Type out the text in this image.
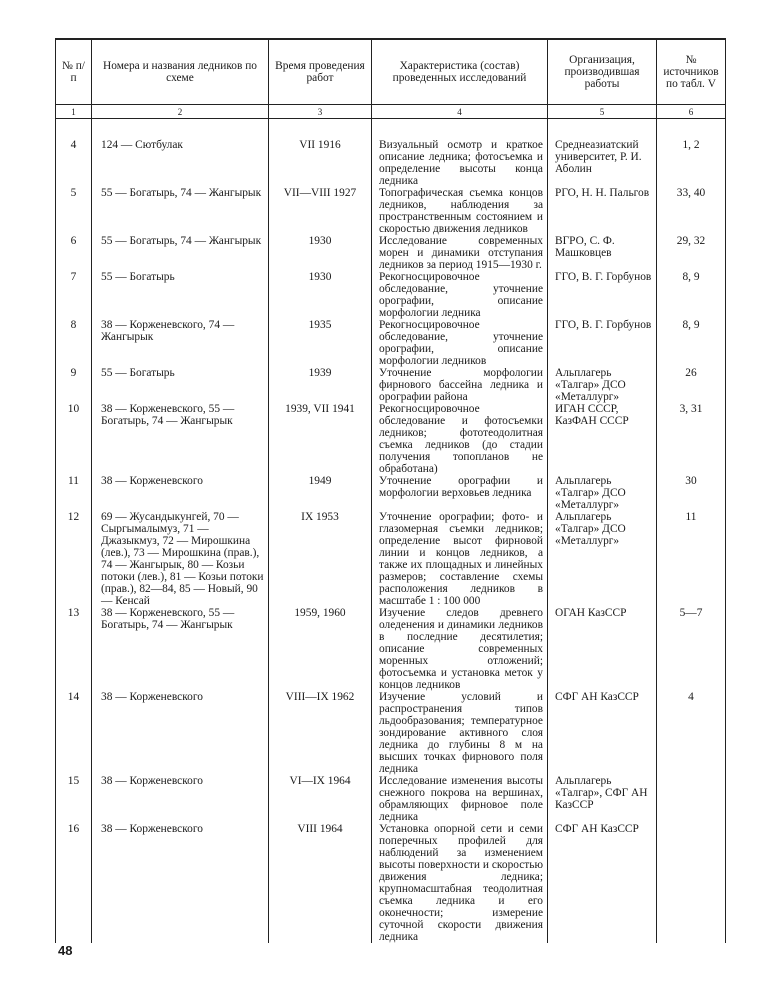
№ п/п	Номера и названия ледников по схеме	Время проведения работ	Характеристика (состав) проведенных исследований	Организация, производившая работы	№ источников по табл. V
1	2	3	4	5	6
4	124 — Сютбулак	VII 1916	Визуальный осмотр и краткое описание ледника; фотосъемка и определение высоты конца ледника	Среднеазиатский университет, Р. И. Аболин	1, 2
5	55 — Богатырь, 74 — Жангырык	VII—VIII 1927	Топографическая съемка концов ледников, наблюдения за пространственным состоянием и скоростью движения ледников	РГО, Н. Н. Пальгов	33, 40
6	55 — Богатырь, 74 — Жангырык	1930	Исследование современных морен и динамики отступания ледников за период 1915—1930 г.	ВГРО, С. Ф. Машковцев	29, 32
7	55 — Богатырь	1930	Рекогносцировочное обследование, уточнение орографии, описание морфологии ледника	ГГО, В. Г. Горбунов	8, 9
8	38 — Корженевского, 74 — Жангырык	1935	Рекогносцировочное обследование, уточнение орографии, описание морфологии ледников	ГГО, В. Г. Горбунов	8, 9
9	55 — Богатырь	1939	Уточнение морфологии фирнового бассейна ледника и орографии района	Альплагерь «Талгар» ДСО «Металлург»	26
10	38 — Корженевского, 55 — Богатырь, 74 — Жангырык	1939, VII 1941	Рекогносцировочное обследование и фотосъемки ледников; фототеодолитная съемка ледников (до стадии получения топопланов не обработана)	ИГАН СССР, КазФАН СССР	3, 31
11	38 — Корженевского	1949	Уточнение орографии и морфологии верховьев ледника	Альплагерь «Талгар» ДСО «Металлург»	30
12	69 — Жусандыкунгей, 70 — Сыргымалымуз, 71 — Джазыкмуз, 72 — Мирошкина (лев.), 73 — Мирошкина (прав.), 74 — Жангырык, 80 — Козьи потоки (лев.), 81 — Козьи потоки (прав.), 82—84, 85 — Новый, 90 — Кенсай	IX 1953	Уточнение орографии; фото- и глазомерная съемки ледников; определение высот фирновой линии и концов ледников, а также их площадных и линейных размеров; составление схемы расположения ледников в масштабе 1 : 100 000	Альплагерь «Талгар» ДСО «Металлург»	11
13	38 — Корженевского, 55 — Богатырь, 74 — Жангырык	1959, 1960	Изучение следов древнего оледенения и динамики ледников в последние десятилетия; описание современных моренных отложений; фотосъемка и установка меток у концов ледников	ОГАН КазССР	5—7
14	38 — Корженевского	VIII—IX 1962	Изучение условий и распространения типов льдообразования; температурное зондирование активного слоя ледника до глубины 8 м на высших точках фирнового поля ледника	СФГ АН КазССР	4
15	38 — Корженевского	VI—IX 1964	Исследование изменения высоты снежного покрова на вершинах, обрамляющих фирновое поле ледника	Альплагерь «Талгар», СФГ АН КазССР	
16	38 — Корженевского	VIII 1964	Установка опорной сети и семи поперечных профилей для наблюдений за изменением высоты поверхности и скоростью движения ледника; крупномасштабная теодолитная съемка ледника и его оконечности; измерение суточной скорости движения ледника	СФГ АН КазССР	
48
